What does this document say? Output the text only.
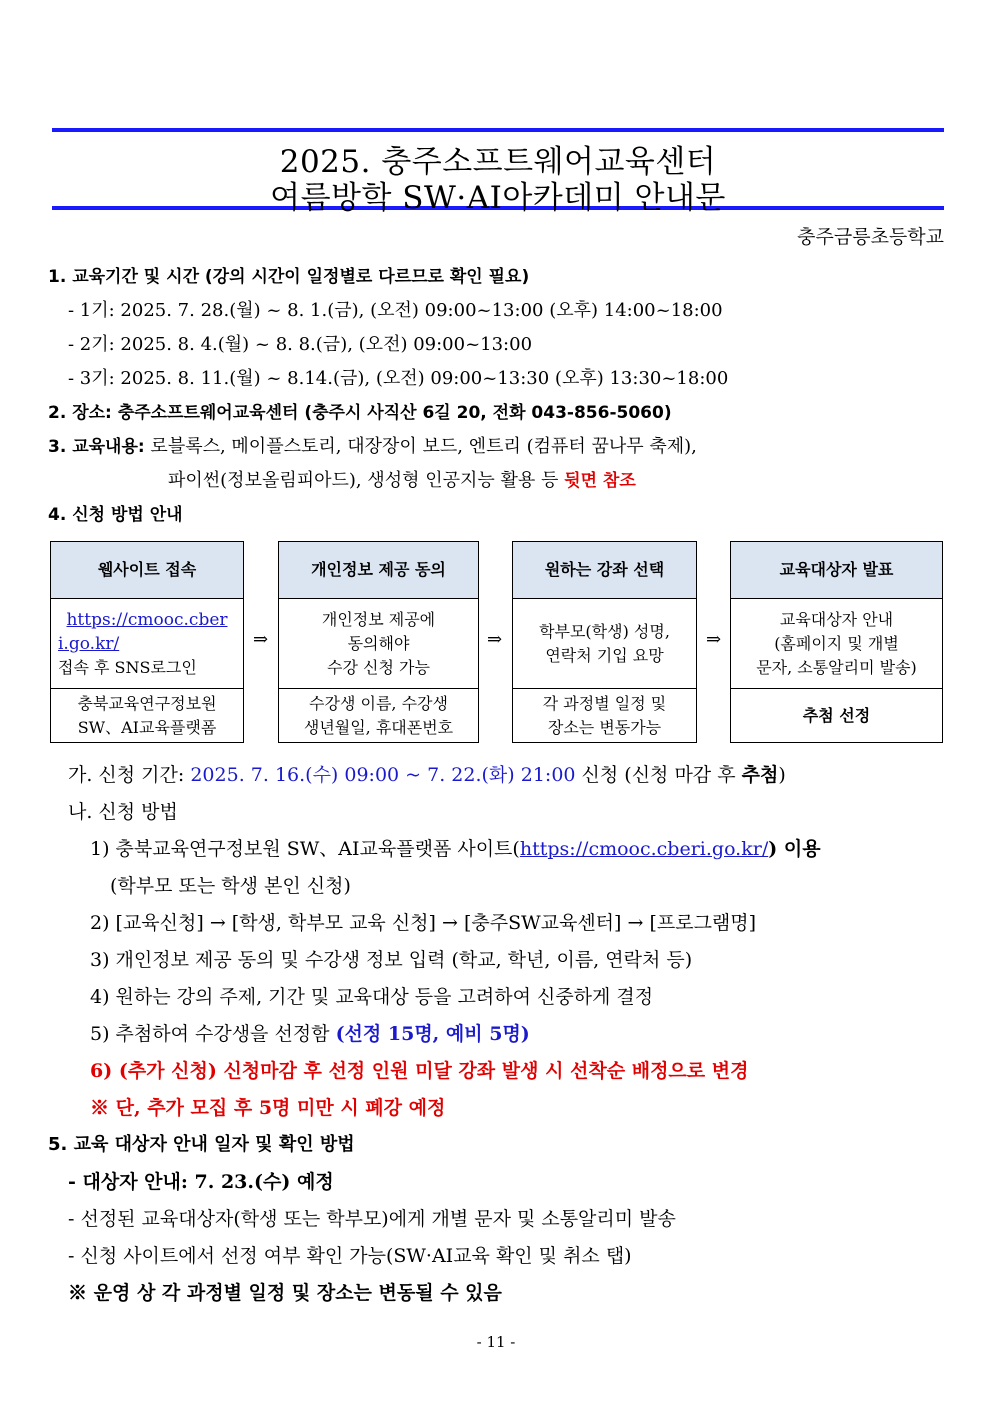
2025. 충주소프트웨어교육센터
여름방학 SW·AI아카데미 안내문
충주금릉초등학교
1. 교육기간 및 시간 (강의 시간이 일정별로 다르므로 확인 필요)
- 1기: 2025. 7. 28.(월) ~ 8. 1.(금), (오전) 09:00~13:00 (오후) 14:00~18:00
- 2기: 2025. 8. 4.(월) ~ 8. 8.(금), (오전) 09:00~13:00
- 3기: 2025. 8. 11.(월) ~ 8.14.(금), (오전) 09:00~13:30 (오후) 13:30~18:00
2. 장소: 충주소프트웨어교육센터 (충주시 사직산 6길 20, 전화 043-856-5060)
3. 교육내용: 로블록스, 메이플스토리, 대장장이 보드, 엔트리 (컴퓨터 꿈나무 축제),
파이썬(정보올림피아드), 생성형 인공지능 활용 등 뒷면 참조
4. 신청 방법 안내
웹사이트 접속
https://cmooc.cber
i.go.kr/
접속 후 SNS로그인
충북교육연구정보원
SW、AI교육플랫폼
⇒
개인정보 제공 동의
개인정보 제공에
동의해야
수강 신청 가능
수강생 이름, 수강생
생년월일, 휴대폰번호
⇒
원하는 강좌 선택
학부모(학생) 성명,
연락처 기입 요망
각 과정별 일정 및
장소는 변동가능
⇒
교육대상자 발표
교육대상자 안내
(홈페이지 및 개별
문자, 소통알리미 발송)
추첨 선정
가. 신청 기간: 2025. 7. 16.(수) 09:00 ~ 7. 22.(화) 21:00 신청 (신청 마감 후 추첨)
나. 신청 방법
1) 충북교육연구정보원 SW、AI교육플랫폼 사이트(https://cmooc.cberi.go.kr/) 이용
(학부모 또는 학생 본인 신청)
2) [교육신청] → [학생, 학부모 교육 신청] → [충주SW교육센터] → [프로그램명]
3) 개인정보 제공 동의 및 수강생 정보 입력 (학교, 학년, 이름, 연락처 등)
4) 원하는 강의 주제, 기간 및 교육대상 등을 고려하여 신중하게 결정
5) 추첨하여 수강생을 선정함 (선정 15명, 예비 5명)
6) (추가 신청) 신청마감 후 선정 인원 미달 강좌 발생 시 선착순 배정으로 변경
※ 단, 추가 모집 후 5명 미만 시 폐강 예정
5. 교육 대상자 안내 일자 및 확인 방법
- 대상자 안내: 7. 23.(수) 예정
- 선정된 교육대상자(학생 또는 학부모)에게 개별 문자 및 소통알리미 발송
- 신청 사이트에서 선정 여부 확인 가능(SW·AI교육 확인 및 취소 탭)
※ 운영 상 각 과정별 일정 및 장소는 변동될 수 있음
- 11 -
